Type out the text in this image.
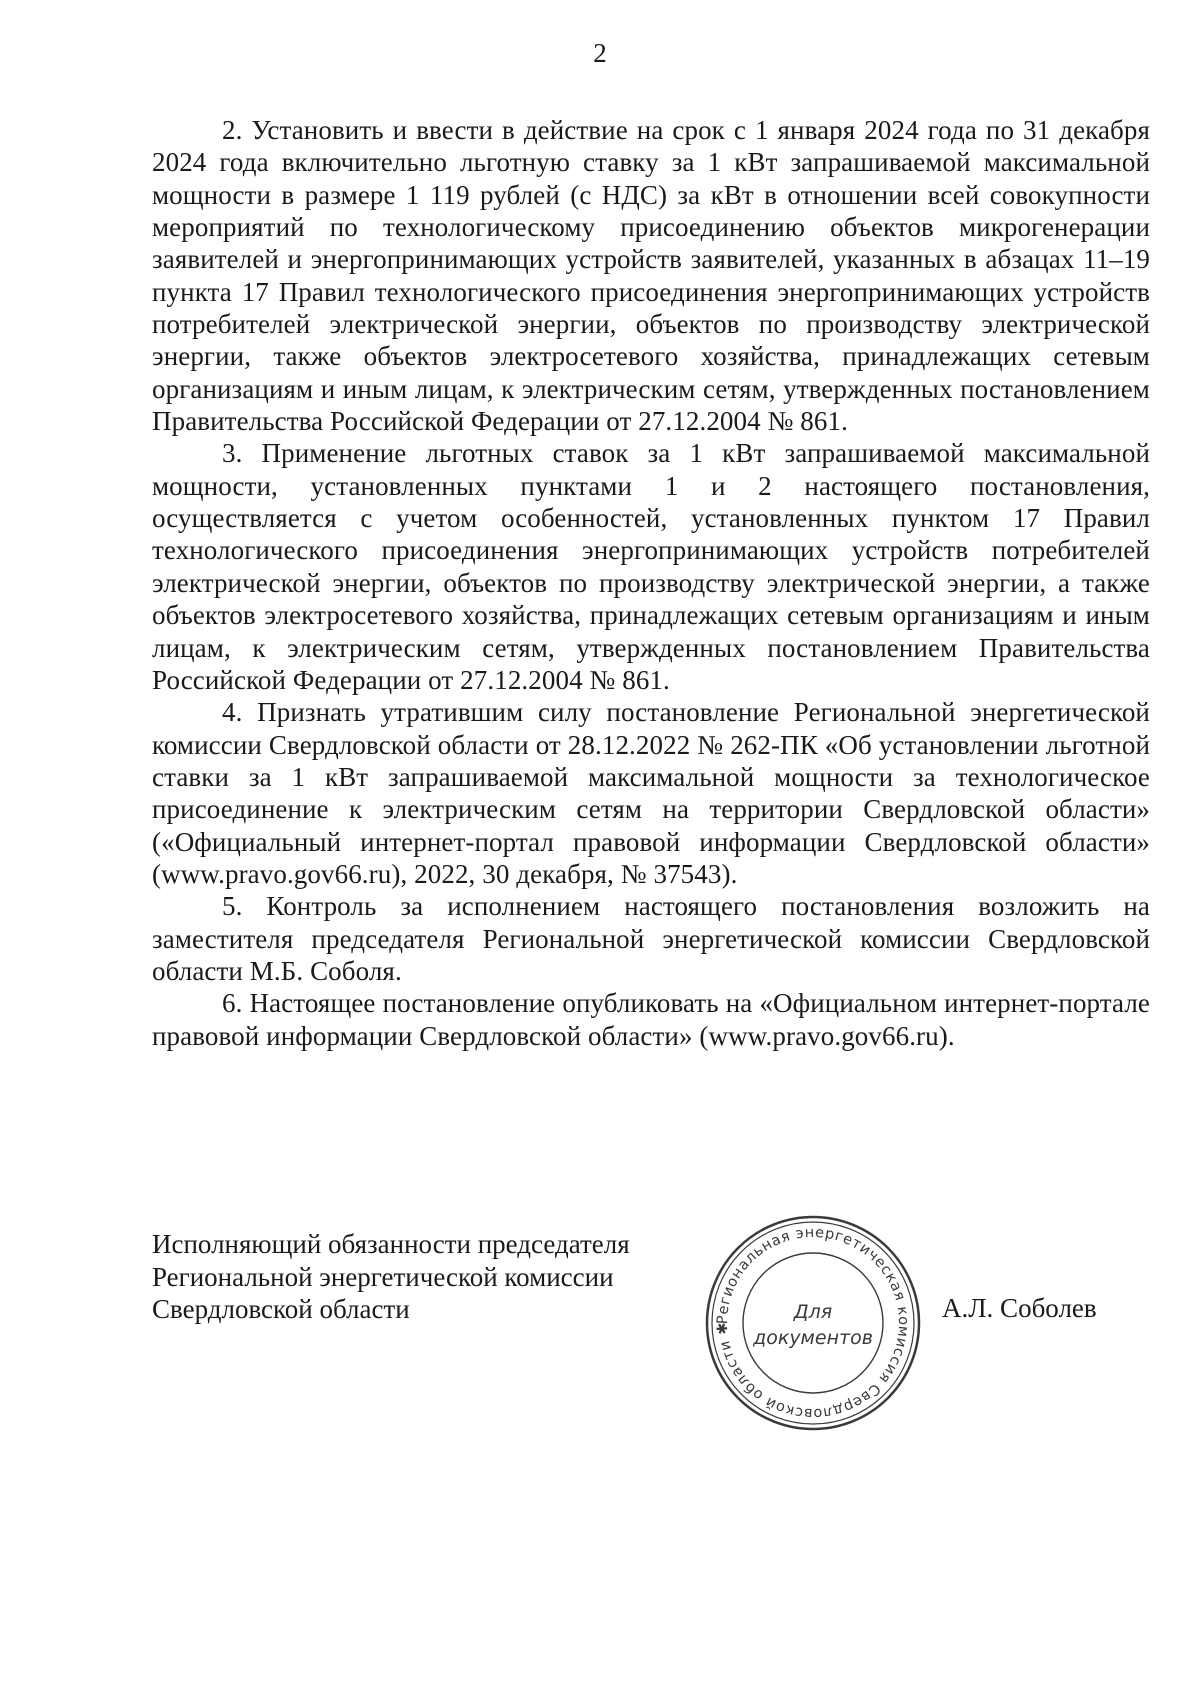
2

2. Установить и ввести в действие на срок с 1 января 2024 года по 31 декабря 2024 года включительно льготную ставку за 1 кВт запрашиваемой максимальной мощности в размере 1 119 рублей (с НДС) за кВт в отношении всей совокупности мероприятий по технологическому присоединению объектов микрогенерации заявителей и энергопринимающих устройств заявителей, указанных в абзацах 11–19 пункта 17 Правил технологического присоединения энергопринимающих устройств потребителей электрической энергии, объектов по производству электрической энергии, также объектов электросетевого хозяйства, принадлежащих сетевым организациям и иным лицам, к электрическим сетям, утвержденных постановлением Правительства Российской Федерации от 27.12.2004 № 861.

3. Применение льготных ставок за 1 кВт запрашиваемой максимальной мощности, установленных пунктами 1 и 2 настоящего постановления, осуществляется с учетом особенностей, установленных пунктом 17 Правил технологического присоединения энергопринимающих устройств потребителей электрической энергии, объектов по производству электрической энергии, а также объектов электросетевого хозяйства, принадлежащих сетевым организациям и иным лицам, к электрическим сетям, утвержденных постановлением Правительства Российской Федерации от 27.12.2004 № 861.

4. Признать утратившим силу постановление Региональной энергетической комиссии Свердловской области от 28.12.2022 № 262-ПК «Об установлении льготной ставки за 1 кВт запрашиваемой максимальной мощности за технологическое присоединение к электрическим сетям на территории Свердловской области» («Официальный интернет-портал правовой информации Свердловской области» (www.pravo.gov66.ru), 2022, 30 декабря, № 37543).

5. Контроль за исполнением настоящего постановления возложить на заместителя председателя Региональной энергетической комиссии Свердловской области М.Б. Соболя.

6. Настоящее постановление опубликовать на «Официальном интернет-портале правовой информации Свердловской области» (www.pravo.gov66.ru).

Исполняющий обязанности председателя
Региональной энергетической комиссии
Свердловской области	Региональная энергетическая комиссия Свердловской области ✱
Для
документов
А.Л. Соболев
